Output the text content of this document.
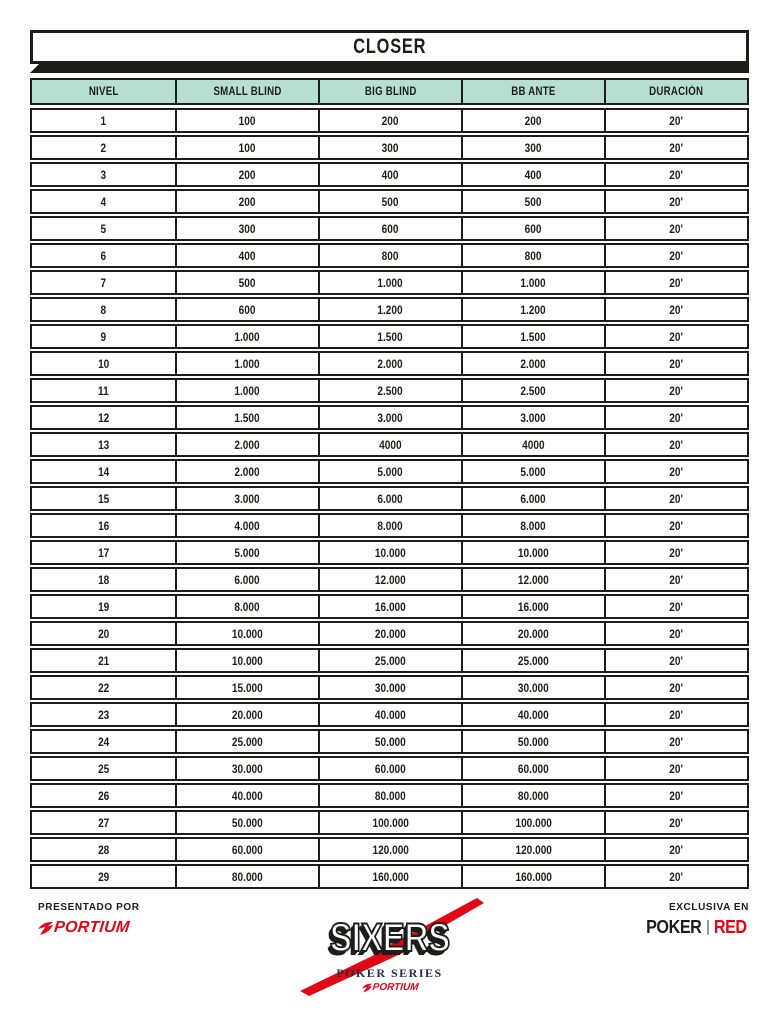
CLOSER
NIVEL	SMALL BLIND	BIG BLIND	BB ANTE	DURACIÓN
1	100	200	200	20'
2	100	300	300	20'
3	200	400	400	20'
4	200	500	500	20'
5	300	600	600	20'
6	400	800	800	20'
7	500	1.000	1.000	20'
8	600	1.200	1.200	20'
9	1.000	1.500	1.500	20'
10	1.000	2.000	2.000	20'
11	1.000	2.500	2.500	20'
12	1.500	3.000	3.000	20'
13	2.000	4000	4000	20'
14	2.000	5.000	5.000	20'
15	3.000	6.000	6.000	20'
16	4.000	8.000	8.000	20'
17	5.000	10.000	10.000	20'
18	6.000	12.000	12.000	20'
19	8.000	16.000	16.000	20'
20	10.000	20.000	20.000	20'
21	10.000	25.000	25.000	20'
22	15.000	30.000	30.000	20'
23	20.000	40.000	40.000	20'
24	25.000	50.000	50.000	20'
25	30.000	60.000	60.000	20'
26	40.000	80.000	80.000	20'
27	50.000	100.000	100.000	20'
28	60.000	120.000	120.000	20'
29	80.000	160.000	160.000	20'
PRESENTADO POR
PORTIUM	SIXERS
POKER SERIES
PORTIUM
EXCLUSIVA EN
POKER RED
